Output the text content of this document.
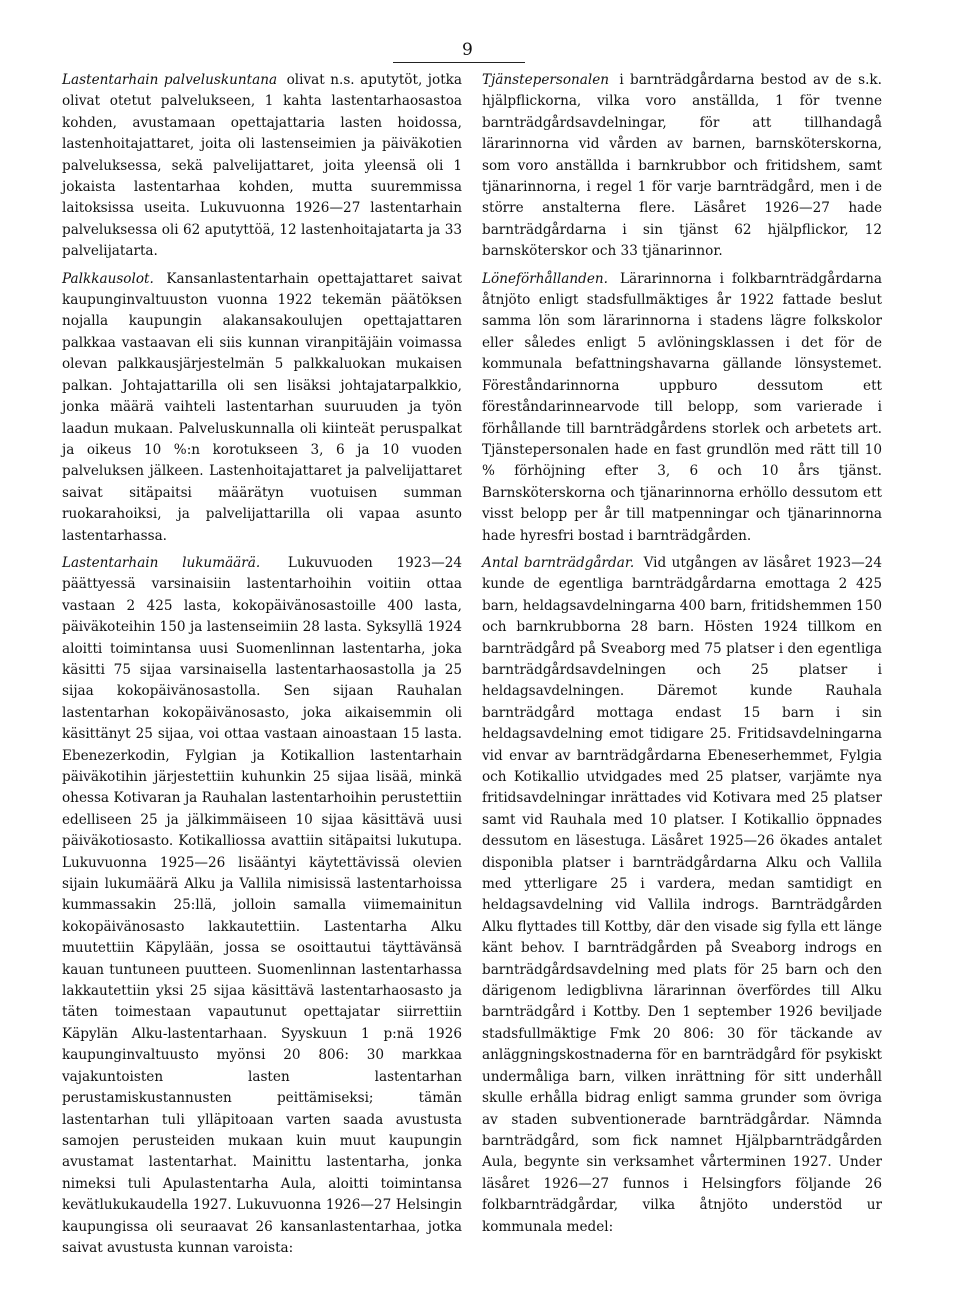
9

Lastentarhain palveluskuntana olivat n.s. aputytöt, jotka olivat otetut palvelukseen, 1 kahta lastentarhaosastoa kohden, avustamaan opettajattaria lasten hoidossa, lastenhoitajattaret, joita oli lastenseimien ja päiväkotien palveluksessa, sekä palvelijattaret, joita yleensä oli 1 jokaista lastentarhaa kohden, mutta suuremmissa laitoksissa useita. Lukuvuonna 1926—27 lastentarhain palveluksessa oli 62 aputyttöä, 12 lastenhoitajatarta ja 33 palvelijatarta.

Palkkausolot. Kansanlastentarhain opettajattaret saivat kaupunginvaltuuston vuonna 1922 tekemän päätöksen nojalla kaupungin alakansakoulujen opettajattaren palkkaa vastaavan eli siis kunnan viranpitäjäin voimassa olevan palkkausjärjestelmän 5 palkkaluokan mukaisen palkan. Johtajattarilla oli sen lisäksi johtajatarpalkkio, jonka määrä vaihteli lastentarhan suuruuden ja työn laadun mukaan. Palveluskunnalla oli kiinteät peruspalkat ja oikeus 10 %:n korotukseen 3, 6 ja 10 vuoden palveluksen jälkeen. Lastenhoitajattaret ja palvelijattaret saivat sitäpaitsi määrätyn vuotuisen summan ruokarahoiksi, ja palvelijattarilla oli vapaa asunto lastentarhassa.

Lastentarhain lukumäärä. Lukuvuoden 1923—24 päättyessä varsinaisiin lastentarhoihin voitiin ottaa vastaan 2 425 lasta, kokopäivänosastoille 400 lasta, päiväkoteihin 150 ja lastenseimiin 28 lasta. Syksyllä 1924 aloitti toimintansa uusi Suomenlinnan lastentarha, joka käsitti 75 sijaa varsinaisella lastentarhaosastolla ja 25 sijaa kokopäivänosastolla. Sen sijaan Rauhalan lastentarhan kokopäivänosasto, joka aikaisemmin oli käsittänyt 25 sijaa, voi ottaa vastaan ainoastaan 15 lasta. Ebenezerkodin, Fylgian ja Kotikallion lastentarhain päiväkotihin järjestettiin kuhunkin 25 sijaa lisää, minkä ohessa Kotivaran ja Rauhalan lastentarhoihin perustettiin edelliseen 25 ja jälkimmäiseen 10 sijaa käsittävä uusi päiväkotiosasto. Kotikalliossa avattiin sitäpaitsi lukutupa. Lukuvuonna 1925—26 lisääntyi käytettävissä olevien sijain lukumäärä Alku ja Vallila nimisissä lastentarhoissa kummassakin 25:llä, jolloin samalla viimemainitun kokopäivänosasto lakkautettiin. Lastentarha Alku muutettiin Käpylään, jossa se osoittautui täyttävänsä kauan tuntuneen puutteen. Suomenlinnan lastentarhassa lakkautettiin yksi 25 sijaa käsittävä lastentarhaosasto ja täten toimestaan vapautunut opettajatar siirrettiin Käpylän Alku-lastentarhaan. Syyskuun 1 p:nä 1926 kaupunginvaltuusto myönsi 20 806: 30 markkaa vajakuntoisten lasten lastentarhan perustamiskustannusten peittämiseksi; tämän lastentarhan tuli ylläpitoaan varten saada avustusta samojen perusteiden mukaan kuin muut kaupungin avustamat lastentarhat. Mainittu lastentarha, jonka nimeksi tuli Apulastentarha Aula, aloitti toimintansa kevätlukukaudella 1927. Lukuvuonna 1926—27 Helsingin kaupungissa oli seuraavat 26 kansanlastentarhaa, jotka saivat avustusta kunnan varoista:

Tjänstepersonalen i barnträdgårdarna bestod av de s.k. hjälpflickorna, vilka voro anställda, 1 för tvenne barnträdgårdsavdelningar, för att tillhandagå lärarinnorna vid vården av barnen, barnsköterskorna, som voro anställda i barnkrubbor och fritidshem, samt tjänarinnorna, i regel 1 för varje barnträdgård, men i de större anstalterna flere. Läsåret 1926—27 hade barnträdgårdarna i sin tjänst 62 hjälpflickor, 12 barnsköterskor och 33 tjänarinnor.

Löneförhållanden. Lärarinnorna i folkbarnträdgårdarna åtnjöto enligt stadsfullmäktiges år 1922 fattade beslut samma lön som lärarinnorna i stadens lägre folkskolor eller således enligt 5 avlöningsklassen i det för de kommunala befattningshavarna gällande lönsystemet. Föreståndarinnorna uppburo dessutom ett föreståndarinnearvode till belopp, som varierade i förhållande till barnträdgårdens storlek och arbetets art. Tjänstepersonalen hade en fast grundlön med rätt till 10 % förhöjning efter 3, 6 och 10 års tjänst. Barnsköterskorna och tjänarinnorna erhöllo dessutom ett visst belopp per år till matpenningar och tjänarinnorna hade hyresfri bostad i barnträdgården.

Antal barnträdgårdar. Vid utgången av läsåret 1923—24 kunde de egentliga barnträdgårdarna emottaga 2 425 barn, heldagsavdelningarna 400 barn, fritidshemmen 150 och barnkrubborna 28 barn. Hösten 1924 tillkom en barnträdgård på Sveaborg med 75 platser i den egentliga barnträdgårdsavdelningen och 25 platser i heldagsavdelningen. Däremot kunde Rauhala barnträdgård mottaga endast 15 barn i sin heldagsavdelning emot tidigare 25. Fritidsavdelningarna vid envar av barnträdgårdarna Ebeneserhemmet, Fylgia och Kotikallio utvidgades med 25 platser, varjämte nya fritidsavdelningar inrättades vid Kotivara med 25 platser samt vid Rauhala med 10 platser. I Kotikallio öppnades dessutom en läsestuga. Läsåret 1925—26 ökades antalet disponibla platser i barnträdgårdarna Alku och Vallila med ytterligare 25 i vardera, medan samtidigt en heldagsavdelning vid Vallila indrogs. Barnträdgården Alku flyttades till Kottby, där den visade sig fylla ett länge känt behov. I barnträdgården på Sveaborg indrogs en barnträdgårdsavdelning med plats för 25 barn och den därigenom ledigblivna lärarinnan överfördes till Alku barnträdgård i Kottby. Den 1 september 1926 beviljade stadsfullmäktige Fmk 20 806: 30 för täckande av anläggningskostnaderna för en barnträdgård för psykiskt undermåliga barn, vilken inrättning för sitt underhåll skulle erhålla bidrag enligt samma grunder som övriga av staden subventionerade barnträdgårdar. Nämnda barnträdgård, som fick namnet Hjälpbarnträdgården Aula, begynte sin verksamhet vårterminen 1927. Under läsåret 1926—27 funnos i Helsingfors följande 26 folkbarnträdgårdar, vilka åtnjöto understöd ur kommunala medel:
